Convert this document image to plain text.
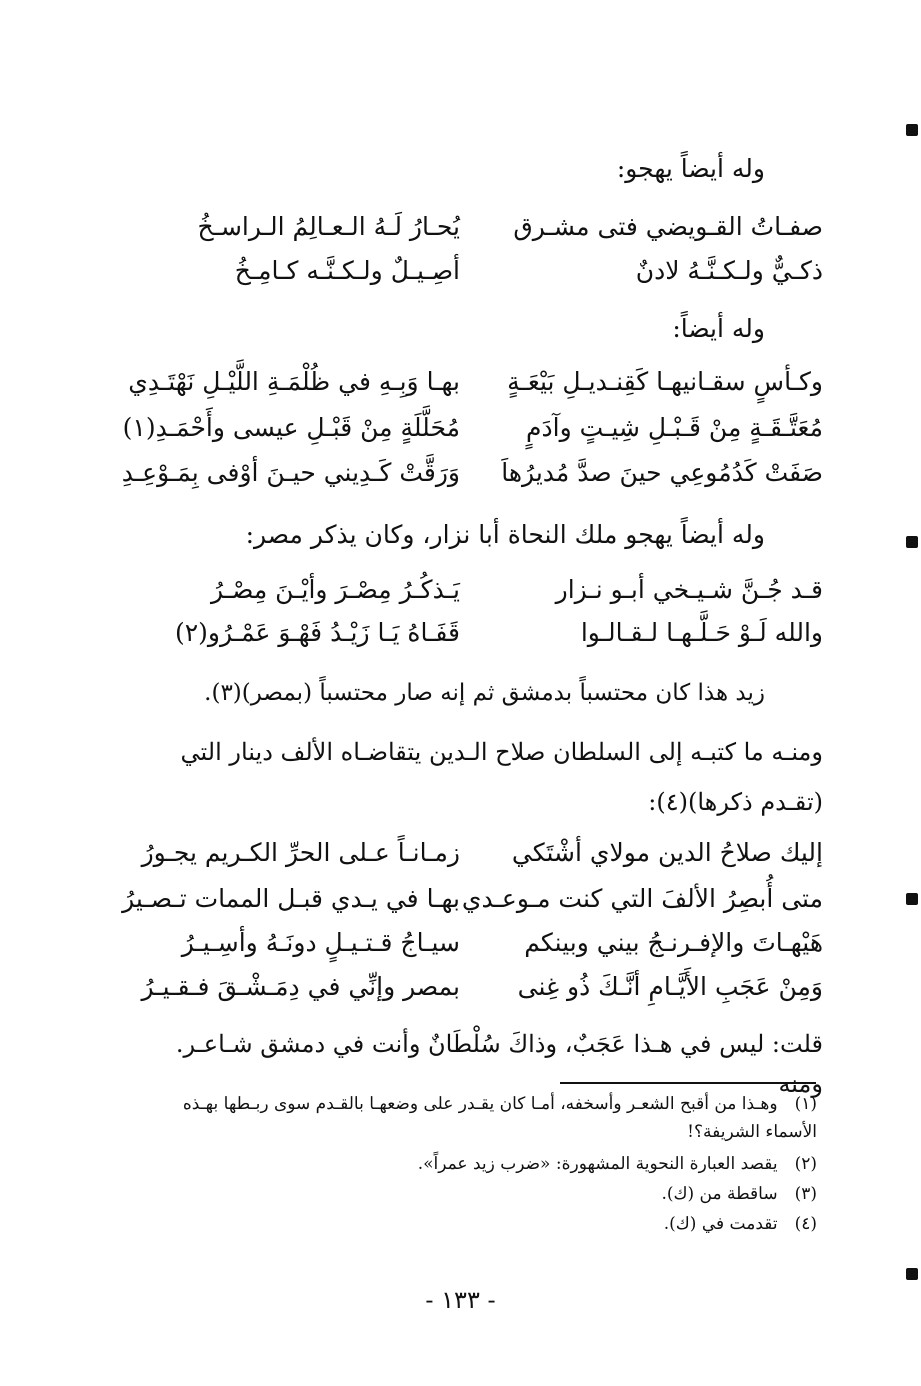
وله أيضاً يهجو:
صفـاتُ القـويضي فتى مشـرق
يُحـارُ لَـهُ الـعـالِمُ الـراسـخُ
ذكـيٌّ ولـكـنَّـهُ لادنٌ
أصِـيـلٌ ولـكـنَّـه كـامِـخُ
وله أيضاً:
وكـأسٍ سقـانيهـا كَقِنـديـلِ بَيْعَـةٍ
بهـا وَبِـهِ في ظُلْمَـةِ اللَّيْـلِ نَهْتَـدِي
مُعَتَّـقَـةٍ مِنْ قَـبْـلِ شِيـتٍ وآدَمٍ
مُحَلَّلَةٍ مِنْ قَبْـلِ عيسى وأَحْمَـدِ(١)
صَفَتْ كَدُمُوعِي حينَ صدَّ مُديرُهاَ
وَرَقَّتْ كَـدِيني حيـنَ أوْفى بِمَـوْعِـدِ
وله أيضاً يهجو ملك النحاة أبا نزار، وكان يذكر مصر:
قـد جُـنَّ شـيـخي أبـو نـزار
يَـذكُـرُ مِصْـرَ وأيْـنَ مِصْـرُ
والله لَـوْ حَـلَّـهـا لـقـالـوا
قَفَـاهُ يَـا زَيْـدُ فَهْـوَ عَمْـرُو(٢)
زيد هذا كان محتسباً بدمشق ثم إنه صار محتسباً (بمصر)(٣).
ومنـه ما كتبـه إلى السلطان صلاح الـدين يتقاضـاه الألف دينار التي (تقـدم ذكرها)(٤):
إليك صلاحُ الدين مولاي أشْتَكي
زمـانـاً عـلى الحرِّ الكـريم يجـورُ
متى أُبصِرُ الألفَ التي كنت مـوعـدي
بهـا في يـدي قبـل الممات تـصـيرُ
هَيْهـاتَ والإفـرنـجُ بيني وبينكم
سيـاجُ قـتـيـلٍ دونَـهُ وأسِـيـرُ
وَمِنْ عَجَبِ الأَيَّـامِ أنَّـكَ ذُو غِنى
بمصر وإنِّي في دِمَـشْـقَ فـقـيـرُ
قلت: ليس في هـذا عَجَبٌ، وذاكَ سُلْطَانٌ وأنت في دمشق شـاعـر. ومنه
(١) وهـذا من أقبح الشعـر وأسخفه، أمـا كان يقـدر على وضعهـا بالقـدم سوى ربـطها بهـذه الأسماء الشريفة؟!
(٢) يقصد العبارة النحوية المشهورة: «ضرب زيد عمراً».
(٣) ساقطة من (ك).
(٤) تقدمت في (ك).
- ١٣٣ -
